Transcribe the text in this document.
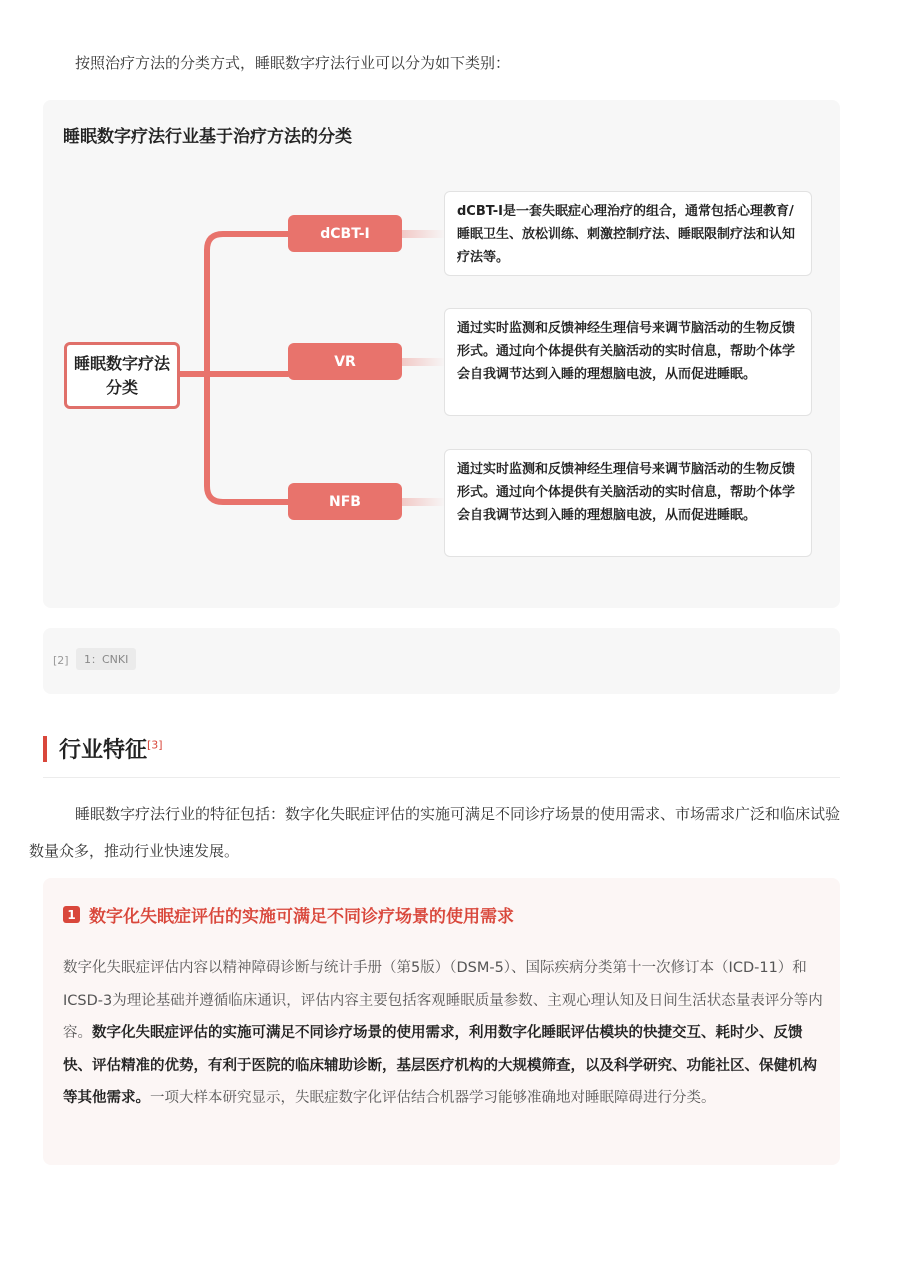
按照治疗方法的分类方式，睡眠数字疗法行业可以分为如下类别：
睡眠数字疗法行业基于治疗方法的分类
睡眠数字疗法分类
dCBT-I
dCBT-I是一套失眠症心理治疗的组合，通常包括心理教育/睡眠卫生、放松训练、刺激控制疗法、睡眠限制疗法和认知疗法等。
VR
通过实时监测和反馈神经生理信号来调节脑活动的生物反馈形式。通过向个体提供有关脑活动的实时信息，帮助个体学会自我调节达到入睡的理想脑电波，从而促进睡眠。
NFB
通过实时监测和反馈神经生理信号来调节脑活动的生物反馈形式。通过向个体提供有关脑活动的实时信息，帮助个体学会自我调节达到入睡的理想脑电波，从而促进睡眠。
[2]	1：CNKI
行业特征[3]
睡眠数字疗法行业的特征包括：数字化失眠症评估的实施可满足不同诊疗场景的使用需求、市场需求广泛和临床试验数量众多，推动行业快速发展。
1 数字化失眠症评估的实施可满足不同诊疗场景的使用需求
数字化失眠症评估内容以精神障碍诊断与统计手册（第5版）（DSM-5）、国际疾病分类第十一次修订本（ICD-11）和ICSD-3为理论基础并遵循临床通识，评估内容主要包括客观睡眠质量参数、主观心理认知及日间生活状态量表评分等内容。数字化失眠症评估的实施可满足不同诊疗场景的使用需求，利用数字化睡眠评估模块的快捷交互、耗时少、反馈快、评估精准的优势，有利于医院的临床辅助诊断，基层医疗机构的大规模筛查，以及科学研究、功能社区、保健机构等其他需求。一项大样本研究显示，失眠症数字化评估结合机器学习能够准确地对睡眠障碍进行分类。
